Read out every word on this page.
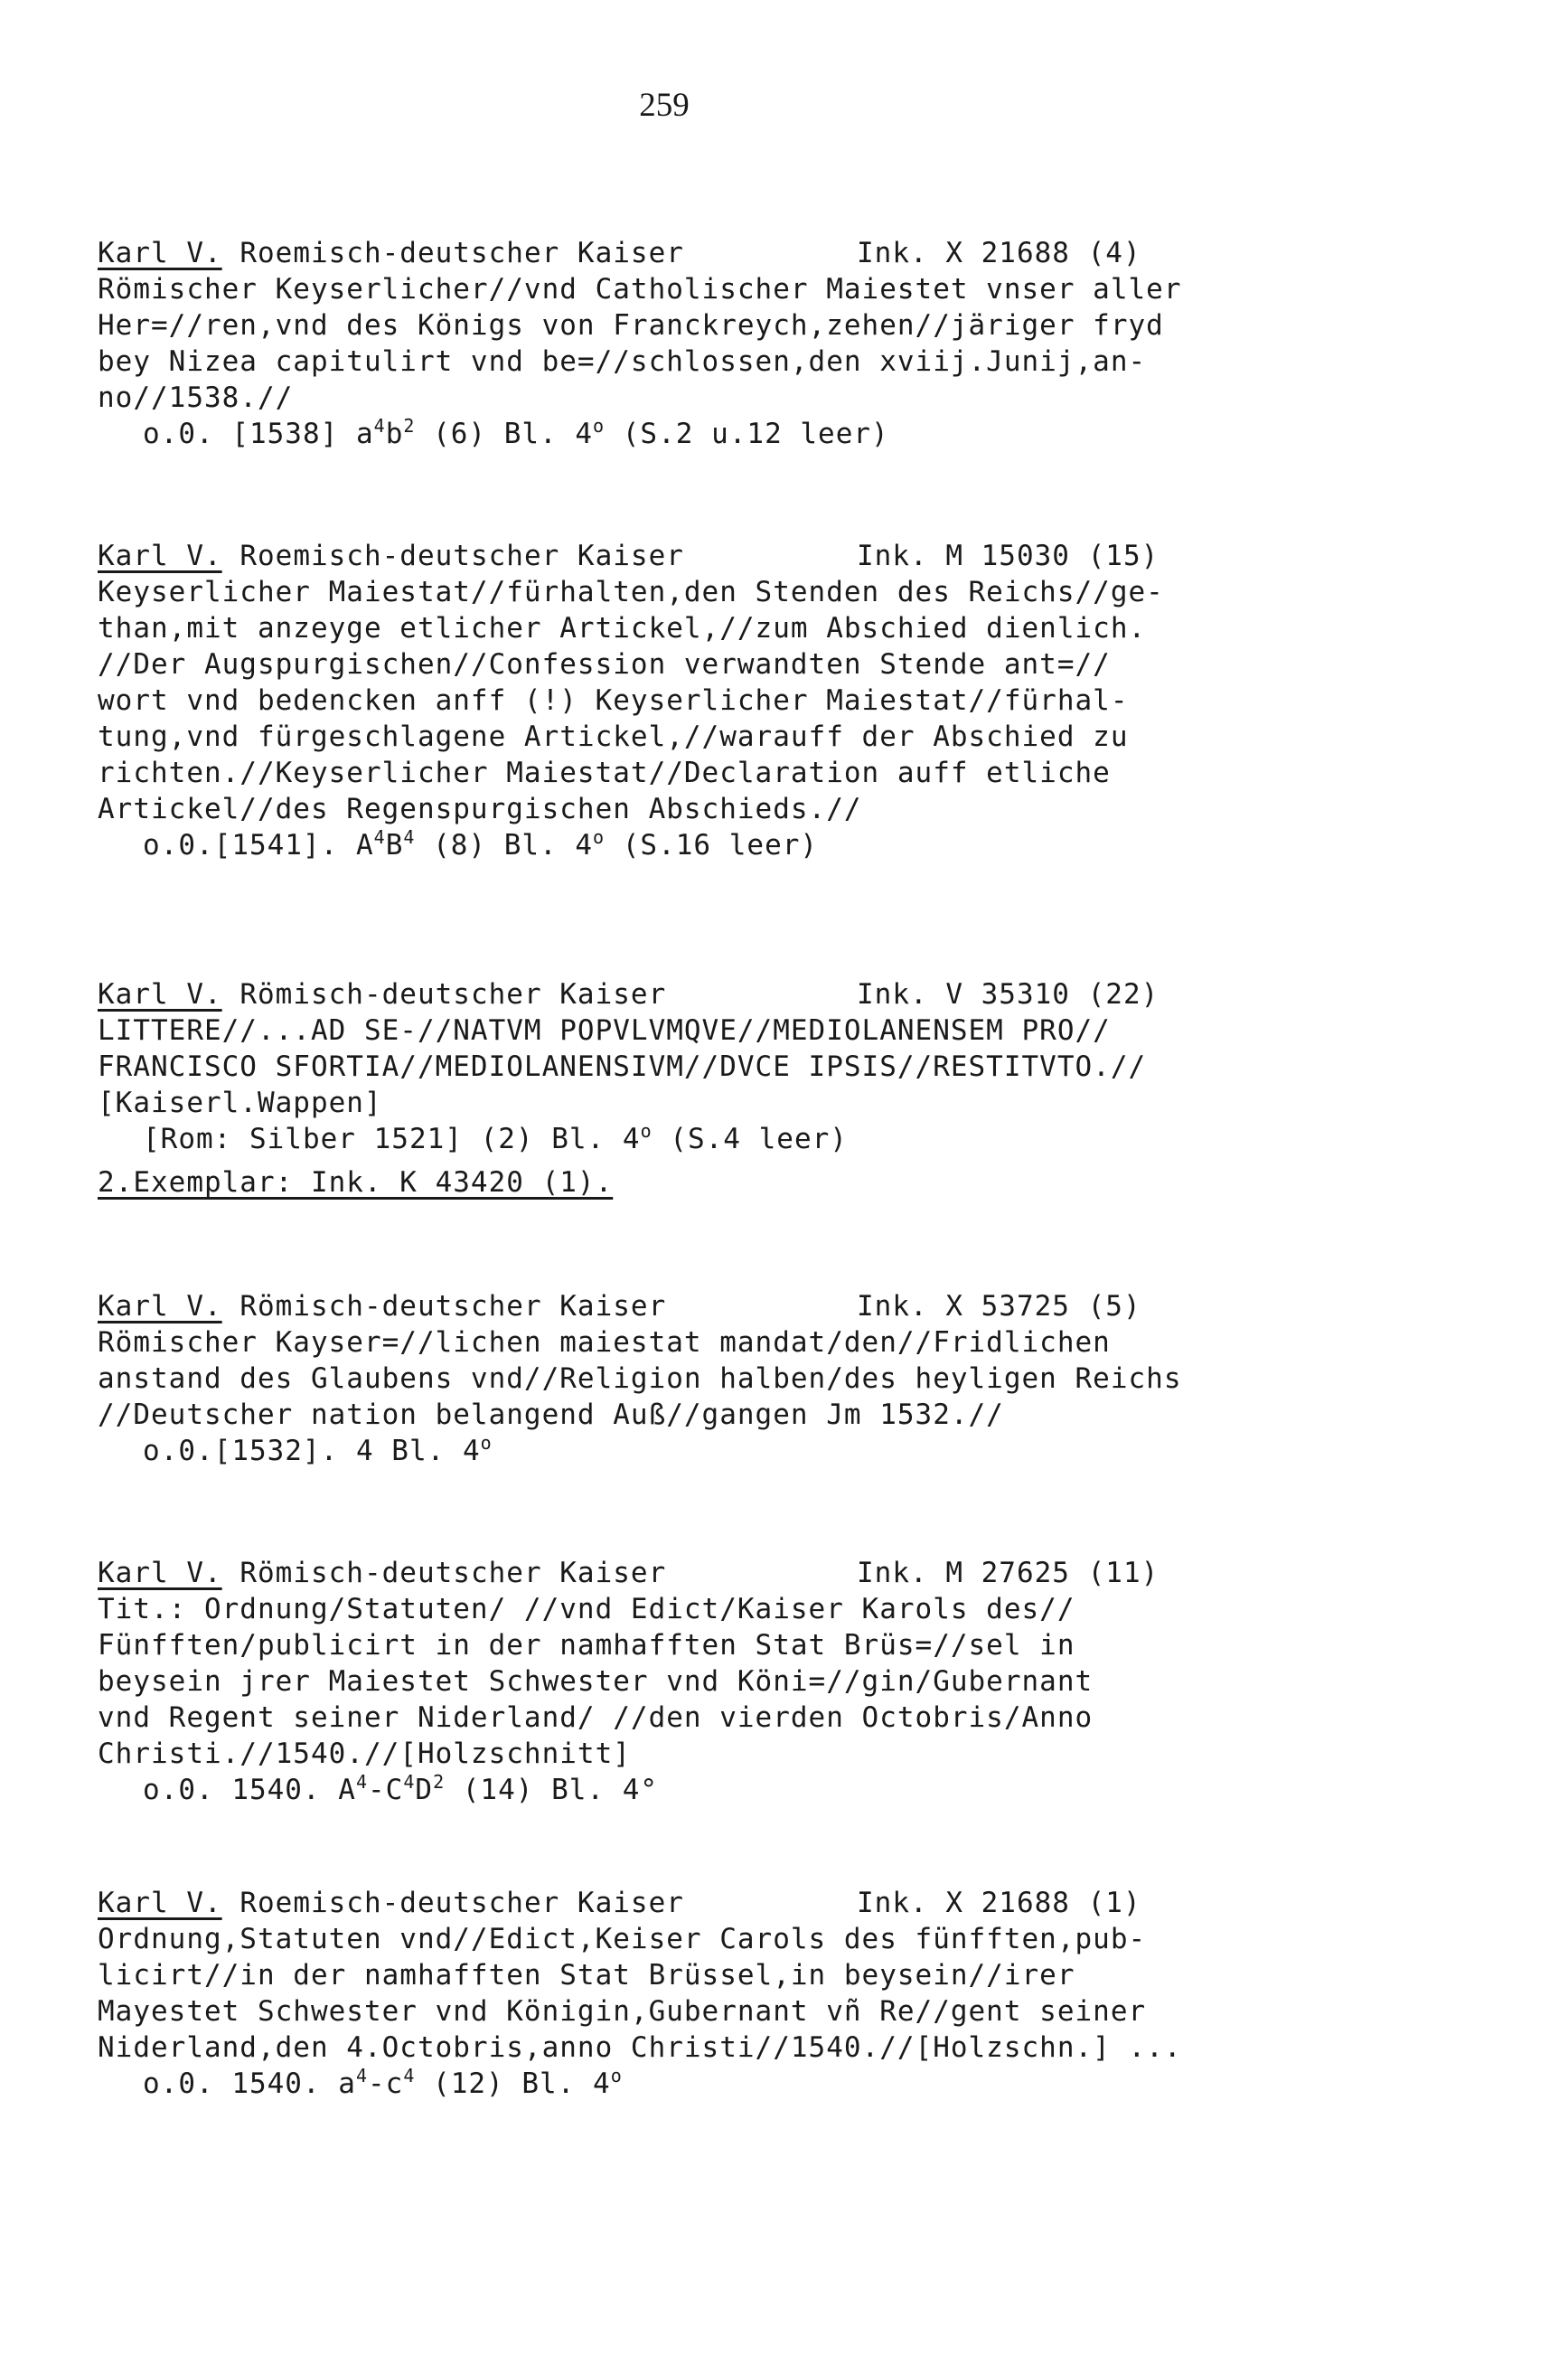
259
Karl V. Roemisch-deutscher Kaiser	Ink. X 21688 (4)
Römischer Keyserlicher//vnd Catholischer Maiestet vnser aller
Her=//ren,vnd des Königs von Franckreych,zehen//järiger fryd
bey Nizea capitulirt vnd be=//schlossen,den xviij.Junij,an-
no//1538.//
o.0. [1538] $a^4b^2$ (6) Bl. 4$^o$ (S.2 u.12 leer)
Karl V. Roemisch-deutscher Kaiser	Ink. M 15030 (15)
Keyserlicher Maiestat//fürhalten,den Stenden des Reichs//ge-
than,mit anzeyge etlicher Artickel,//zum Abschied dienlich.
//Der Augspurgischen//Confession verwandten Stende ant=//
wort vnd bedencken anff (!) Keyserlicher Maiestat//fürhal-
tung,vnd fürgeschlagene Artickel,//warauff der Abschied zu
richten.//Keyserlicher Maiestat//Declaration auff etliche
Artickel//des Regenspurgischen Abschieds.//
o.0.[1541]. $A^4B^4$ (8) Bl. 4$^o$ (S.16 leer)
Karl V. Römisch-deutscher Kaiser	Ink. V 35310 (22)
LITTERE//...AD SE-//NATVM POPVLVMQVE//MEDIOLANENSEM PRO//
FRANCISCO SFORTIA//MEDIOLANENSIVM//DVCE IPSIS//RESTITVTO.//
[Kaiserl.Wappen]
[Rom: Silber 1521] (2) Bl. 4$^o$ (S.4 leer)
2.Exemplar: Ink. K 43420 (1).
Karl V. Römisch-deutscher Kaiser	Ink. X 53725 (5)
Römischer Kayser=//lichen maiestat mandat/den//Fridlichen
anstand des Glaubens vnd//Religion halben/des heyligen Reichs
//Deutscher nation belangend Auß//gangen Jm 1532.//
o.0.[1532]. 4 Bl. 4$^o$
Karl V. Römisch-deutscher Kaiser	Ink. M 27625 (11)
Tit.: Ordnung/Statuten/ //vnd Edict/Kaiser Karols des//
Fünfften/publicirt in der namhafften Stat Brüs=//sel in
beysein jrer Maiestet Schwester vnd Köni=//gin/Gubernant
vnd Regent seiner Niderland/ //den vierden Octobris/Anno
Christi.//1540.//[Holzschnitt]
o.0. 1540. $A^4-C^4D^2$ (14) Bl. 4°
Karl V. Roemisch-deutscher Kaiser	Ink. X 21688 (1)
Ordnung,Statuten vnd//Edict,Keiser Carols des fünfften,pub-
licirt//in der namhafften Stat Brüssel,in beysein//irer
Mayestet Schwester vnd Königin,Gubernant vñ Re//gent seiner
Niderland,den 4.Octobris,anno Christi//1540.//[Holzschn.] ...
o.0. 1540. $a^4-c^4$ (12) Bl. 4$^o$
